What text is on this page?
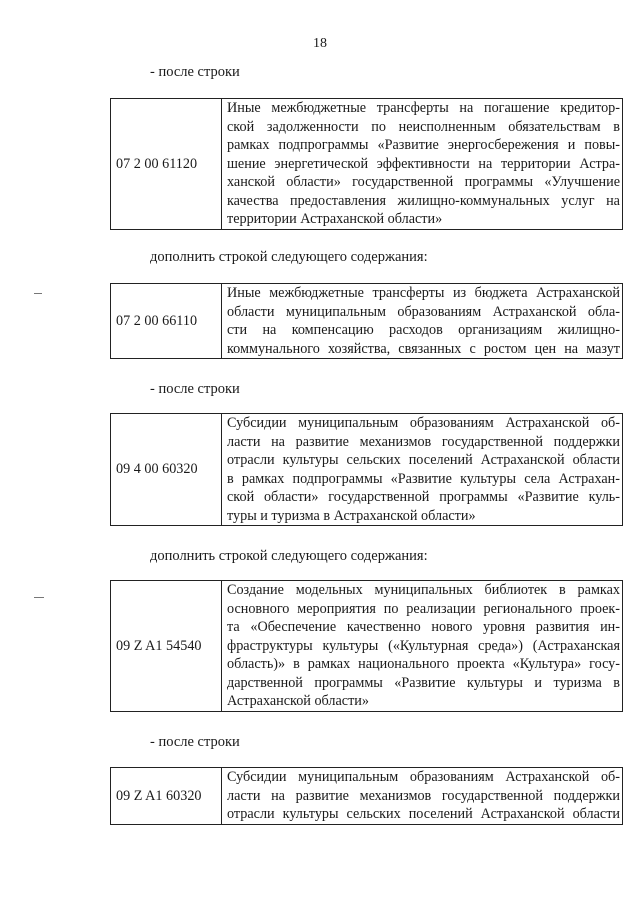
18
- после строки
07 2 00 61120	
Иные межбюджетные трансферты на погашение кредитор-
ской задолженности по неисполненным обязательствам в
рамках подпрограммы «Развитие энергосбережения и повы-
шение энергетической эффективности на территории Астра-
ханской области» государственной программы «Улучшение
качества предоставления жилищно-коммунальных услуг на
территории Астраханской области»
дополнить строкой следующего содержания:
07 2 00 66110	
Иные межбюджетные трансферты из бюджета Астраханской
области муниципальным образованиям Астраханской обла-
сти на компенсацию расходов организациям жилищно-
коммунального хозяйства, связанных с ростом цен на мазут
- после строки
09 4 00 60320	
Субсидии муниципальным образованиям Астраханской об-
ласти на развитие механизмов государственной поддержки
отрасли культуры сельских поселений Астраханской области
в рамках подпрограммы «Развитие культуры села Астрахан-
ской области» государственной программы «Развитие куль-
туры и туризма в Астраханской области»
дополнить строкой следующего содержания:
09 Z A1 54540	
Создание модельных муниципальных библиотек в рамках
основного мероприятия по реализации регионального проек-
та «Обеспечение качественно нового уровня развития ин-
фраструктуры культуры («Культурная среда») (Астраханская
область)» в рамках национального проекта «Культура» госу-
дарственной программы «Развитие культуры и туризма в
Астраханской области»
- после строки
09 Z A1 60320	
Субсидии муниципальным образованиям Астраханской об-
ласти на развитие механизмов государственной поддержки
отрасли культуры сельских поселений Астраханской области
